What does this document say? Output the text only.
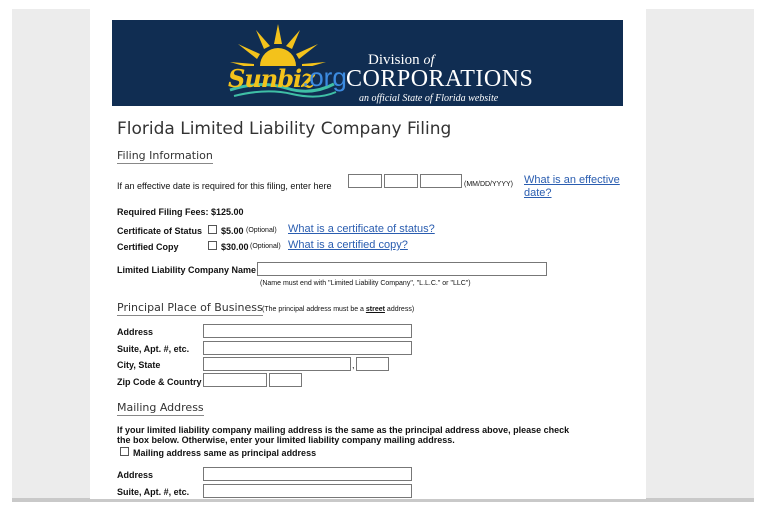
Sunbiz
.org
Division of
CORPORATIONS
an official State of Florida website
Florida Limited Liability Company Filing
Filing Information
If an effective date is required for this filing, enter here	(MM/DD/YYYY) What is an effective
date?
Required Filing Fees: $125.00
Certificate of Status $5.00 (Optional) What is a certificate of status?
Certified Copy	$30.00 (Optional) What is a certified copy?
Limited Liability Company Name
(Name must end with "Limited Liability Company", "L.L.C." or "LLC")
Principal Place of Business (The principal address must be a street address)
Address
Suite, Apt. #, etc.
City, State	,
Zip Code & Country
Mailing Address
If your limited liability company mailing address is the same as the principal address above, please check the box below. Otherwise, enter your limited liability company mailing address.
Mailing address same as principal address
Address
Suite, Apt. #, etc.
